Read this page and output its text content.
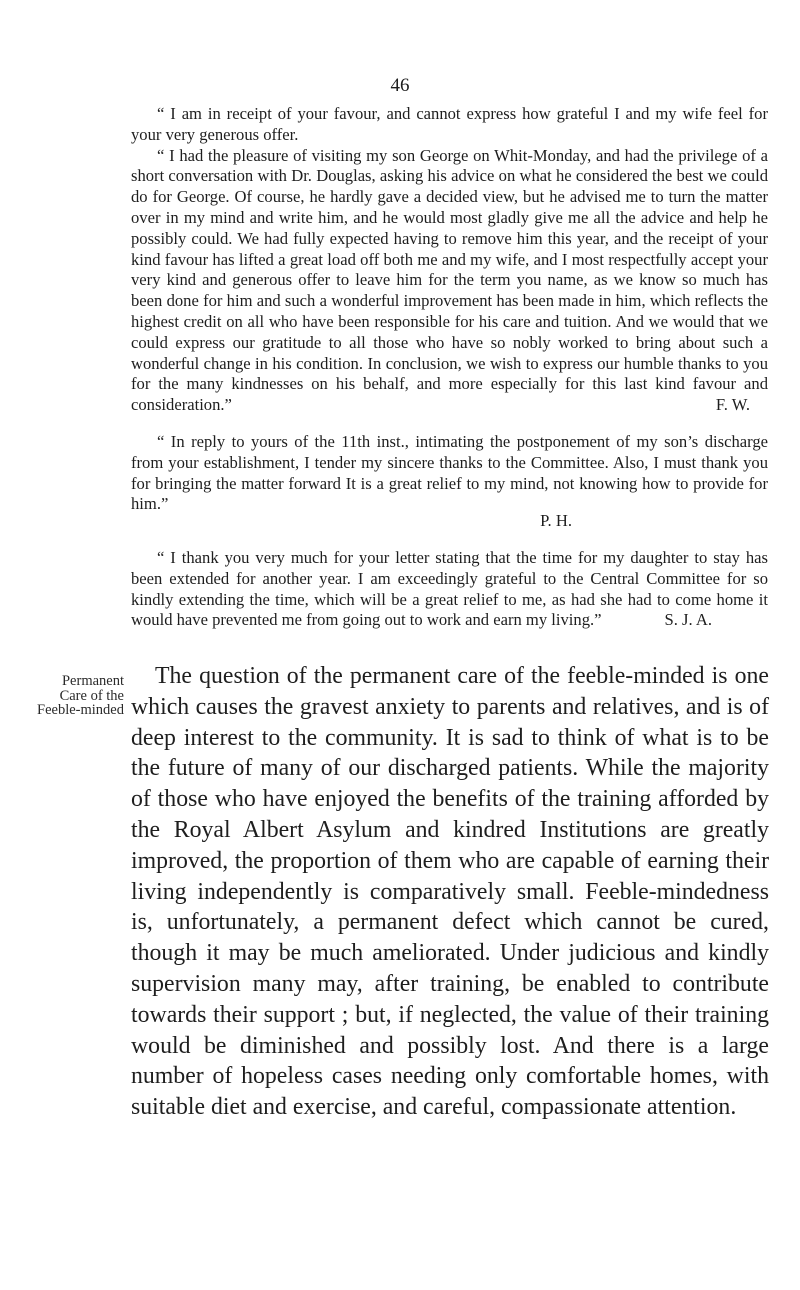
46

“ I am in receipt of your favour, and cannot express how grateful I and my wife feel for your very generous offer.

“ I had the pleasure of visiting my son George on Whit-Monday, and had the privilege of a short conversation with Dr. Douglas, asking his advice on what he considered the best we could do for George. Of course, he hardly gave a decided view, but he advised me to turn the matter over in my mind and write him, and he would most gladly give me all the advice and help he possibly could. We had fully expected having to remove him this year, and the receipt of your kind favour has lifted a great load off both me and my wife, and I most respectfully accept your very kind and generous offer to leave him for the term you name, as we know so much has been done for him and such a wonderful improvement has been made in him, which reflects the highest credit on all who have been responsible for his care and tuition. And we would that we could express our gratitude to all those who have so nobly worked to bring about such a wonderful change in his condition. In conclusion, we wish to express our humble thanks to you for the many kindnesses on his behalf, and more especially for this last kind favour and consideration.”	F. W.

“ In reply to yours of the 11th inst., intimating the postponement of my son’s discharge from your establishment, I tender my sincere thanks to the Committee. Also, I must thank you for bringing the matter forward It is a great relief to my mind, not knowing how to provide for him.”

P. H.

“ I thank you very much for your letter stating that the time for my daughter to stay has been extended for another year. I am exceedingly grateful to the Central Committee for so kindly extending the time, which will be a great relief to me, as had she had to come home it would have prevented me from going out to work and earn my living.”	S. J. A.
Permanent
Care of the
Feeble-minded

The question of the permanent care of the feeble-minded is one which causes the gravest anxiety to parents and relatives, and is of deep interest to the community. It is sad to think of what is to be the future of many of our discharged patients. While the majority of those who have enjoyed the benefits of the training afforded by the Royal Albert Asylum and kindred Institutions are greatly improved, the proportion of them who are capable of earning their living independently is comparatively small. Feeble-mindedness is, unfortunately, a permanent defect which cannot be cured, though it may be much ameliorated. Under judicious and kindly supervision many may, after training, be enabled to contribute towards their support ; but, if neglected, the value of their training would be diminished and possibly lost. And there is a large number of hopeless cases needing only comfortable homes, with suitable diet and exercise, and careful, compassionate attention.
